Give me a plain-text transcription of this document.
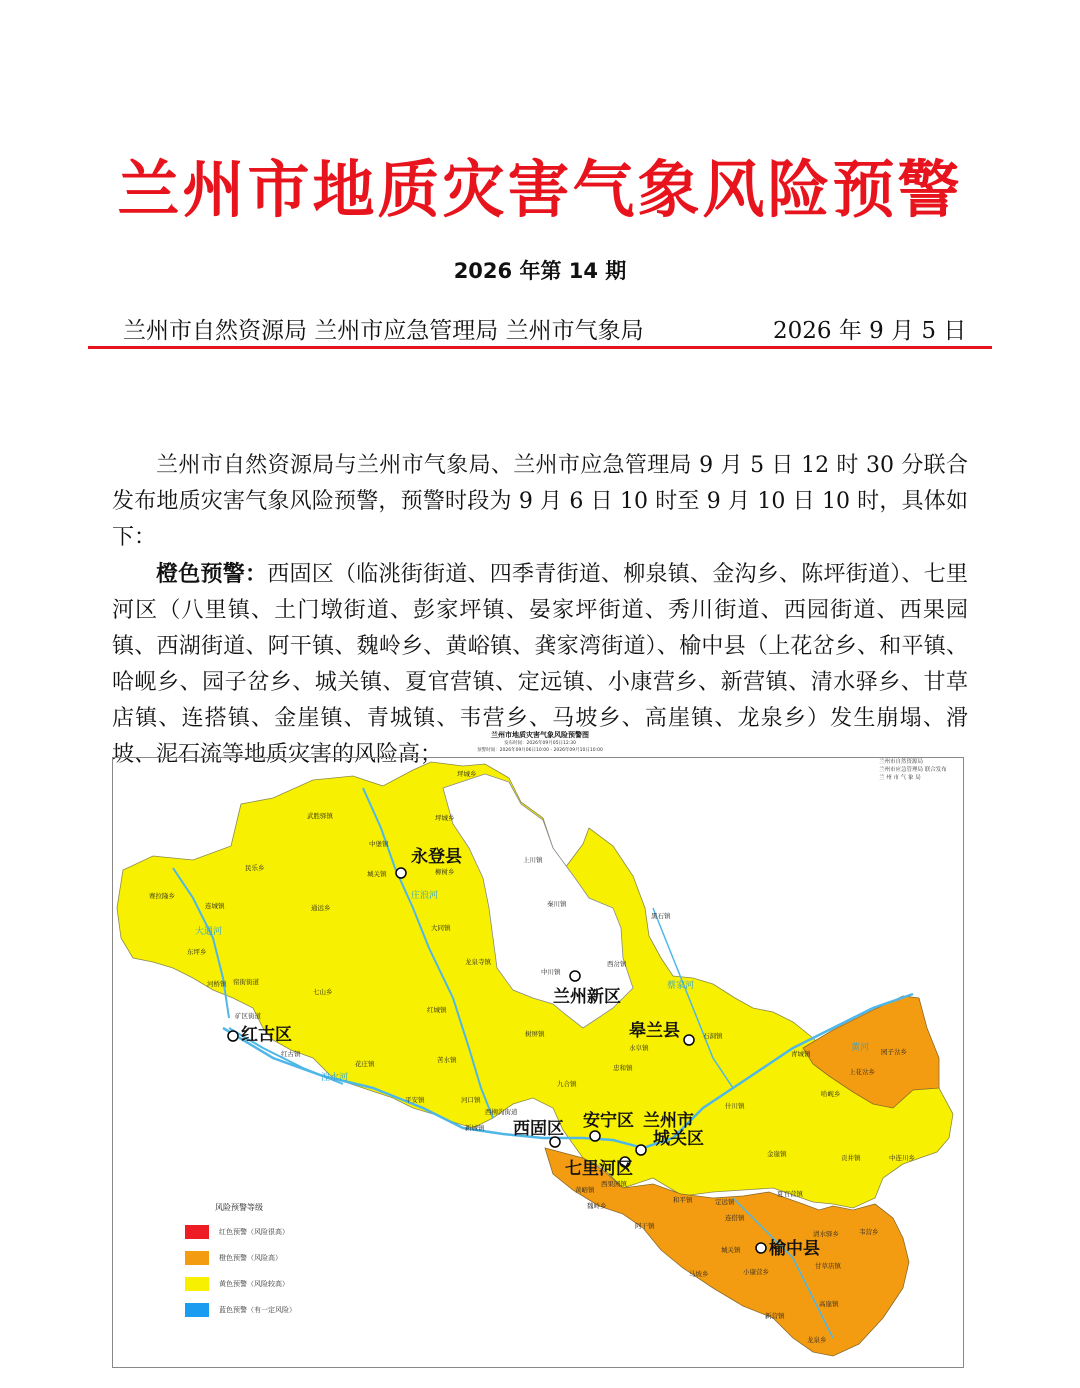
兰州市地质灾害气象风险预警
2026 年第 14 期
兰州市自然资源局 兰州市应急管理局 兰州市气象局	2026 年 9 月 5 日

兰州市自然资源局与兰州市气象局、兰州市应急管理局 9 月 5 日 12 时 30 分联合发布地质灾害气象风险预警，预警时段为 9 月 6 日 10 时至 9 月 10 日 10 时，具体如下：

橙色预警：西固区（临洮街街道、四季青街道、柳泉镇、金沟乡、陈坪街道）、七里河区（八里镇、土门墩街道、彭家坪镇、晏家坪街道、秀川街道、西园街道、西果园镇、西湖街道、阿干镇、魏岭乡、黄峪镇、龚家湾街道）、榆中县（上花岔乡、和平镇、哈岘乡、园子岔乡、城关镇、夏官营镇、定远镇、小康营乡、新营镇、清水驿乡、甘草店镇、连搭镇、金崖镇、青城镇、韦营乡、马坡乡、高崖镇、龙泉乡）发生崩塌、滑坡、泥石流等地质灾害的风险高；

兰州市地质灾害气象风险预警图
发布时间：2026年09月05日12:30
预警时间：2026年09月06日10:00 - 2026年09月10日10:00
永登县
红古区
兰州新区
皋兰县
西固区 安宁区 兰州市
城关区
七里河区
榆中县
坪城乡
武胜驿镇	坪城乡
中堡镇
民乐乡
城关镇	柳树乡
赛拉隆乡
连城镇	通远乡
大同镇
上川镇
秦川镇
黑石镇
东坪乡
龙泉寺镇
中川镇
西岔镇
河桥镇 窑街街道
七山乡
红城镇
矿区街道
红古镇
树屏镇
水阜镇
石洞镇
青城镇	园子岔乡
苦水镇
花庄镇	忠和镇	上花岔乡
九合镇
哈岘乡
平安镇	河口镇
什川镇
西柳沟街道
新城镇
金崖镇	贡井镇	中连川乡
黄峪镇
西果园镇
夏官营镇
定远镇
和平镇
魏岭乡
连搭镇
阿干镇
清水驿乡	韦营乡
城关镇
小康营乡
甘草店镇
马坡乡
新营镇
高崖镇
龙泉乡
庄浪河
大通河
湟水河
黄河
蔡家河
兰州市自然资源局
兰州市应急管理局 联合发布
兰 州 市 气 象 局
风险预警等级
红色预警（风险很高）
橙色预警（风险高）
黄色预警（风险较高）
蓝色预警（有一定风险）
